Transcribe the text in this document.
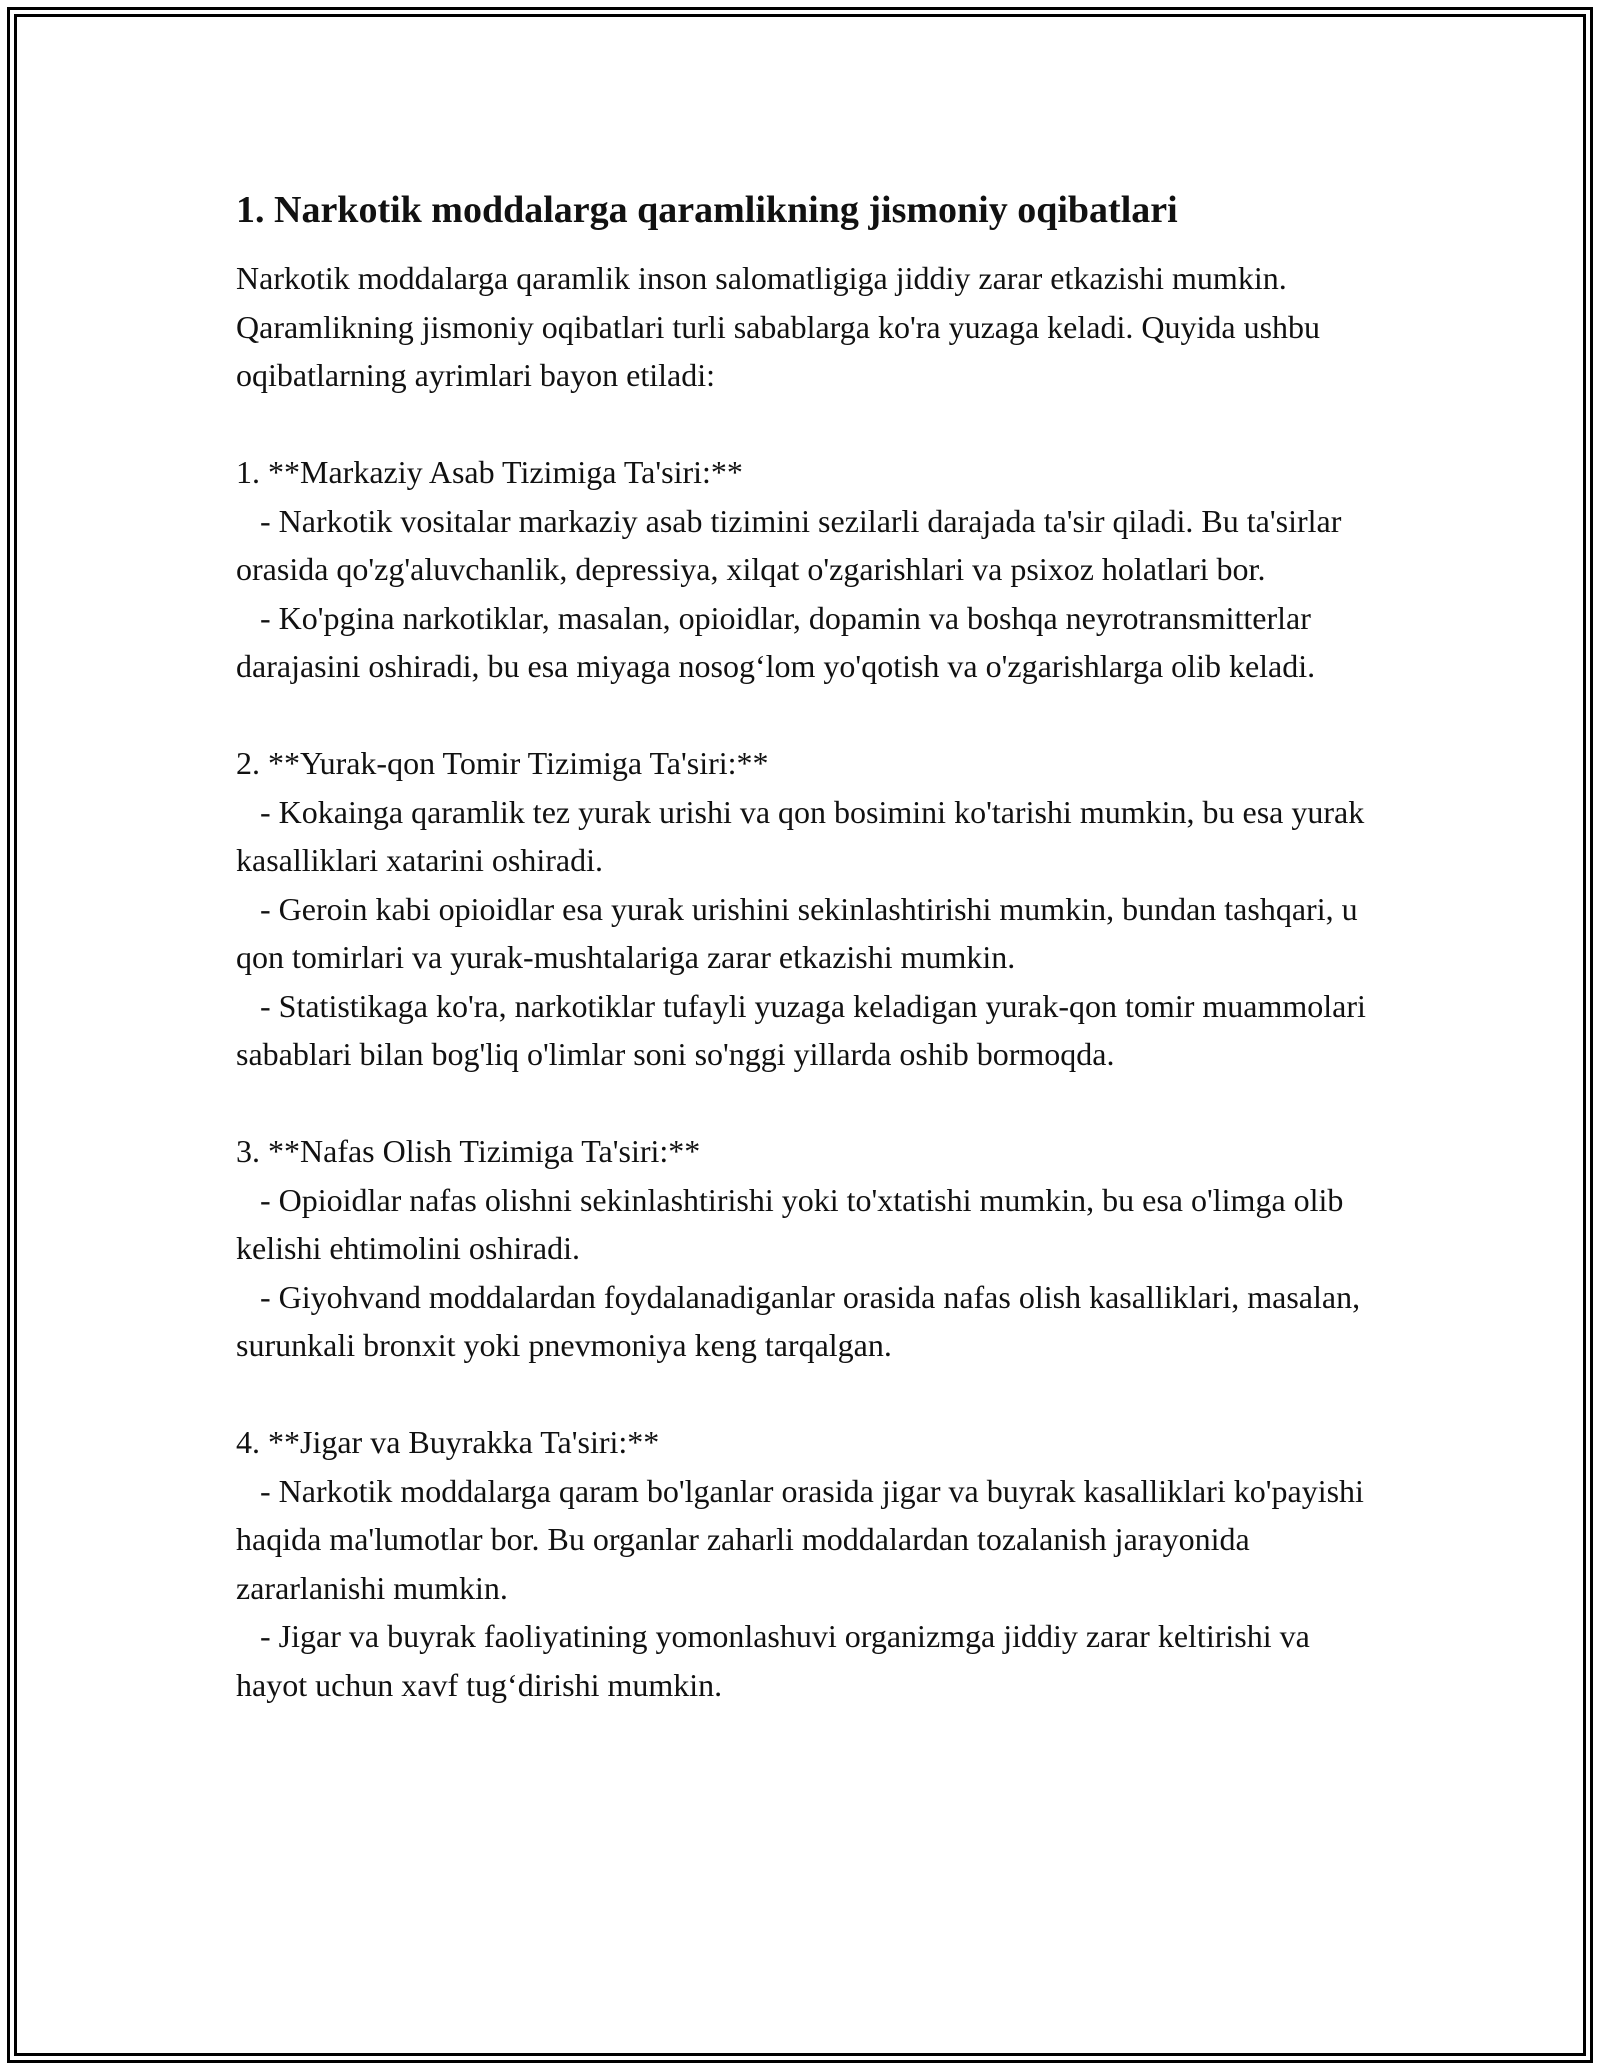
1. Narkotik moddalarga qaramlikning jismoniy oqibatlari
Narkotik moddalarga qaramlik inson salomatligiga jiddiy zarar etkazishi mumkin. Qaramlikning jismoniy oqibatlari turli sabablarga ko'ra yuzaga keladi. Quyida ushbu oqibatlarning ayrimlari bayon etiladi:

1. **Markaziy Asab Tizimiga Ta'siri:**
- Narkotik vositalar markaziy asab tizimini sezilarli darajada ta'sir qiladi. Bu ta'sirlar orasida qo'zg'aluvchanlik, depressiya, xilqat o'zgarishlari va psixoz holatlari bor.
- Ko'pgina narkotiklar, masalan, opioidlar, dopamin va boshqa neyrotransmitterlar darajasini oshiradi, bu esa miyaga nosog‘lom yo'qotish va o'zgarishlarga olib keladi.

2. **Yurak-qon Tomir Tizimiga Ta'siri:**
- Kokainga qaramlik tez yurak urishi va qon bosimini ko'tarishi mumkin, bu esa yurak kasalliklari xatarini oshiradi.
- Geroin kabi opioidlar esa yurak urishini sekinlashtirishi mumkin, bundan tashqari, u qon tomirlari va yurak-mushtalariga zarar etkazishi mumkin.
- Statistikaga ko'ra, narkotiklar tufayli yuzaga keladigan yurak-qon tomir muammolari sabablari bilan bog'liq o'limlar soni so'nggi yillarda oshib bormoqda.

3. **Nafas Olish Tizimiga Ta'siri:**
- Opioidlar nafas olishni sekinlashtirishi yoki to'xtatishi mumkin, bu esa o'limga olib kelishi ehtimolini oshiradi.
- Giyohvand moddalardan foydalanadiganlar orasida nafas olish kasalliklari, masalan, surunkali bronxit yoki pnevmoniya keng tarqalgan.

4. **Jigar va Buyrakka Ta'siri:**
- Narkotik moddalarga qaram bo'lganlar orasida jigar va buyrak kasalliklari ko'payishi haqida ma'lumotlar bor. Bu organlar zaharli moddalardan tozalanish jarayonida zararlanishi mumkin.
- Jigar va buyrak faoliyatining yomonlashuvi organizmga jiddiy zarar keltirishi va hayot uchun xavf tug‘dirishi mumkin.
